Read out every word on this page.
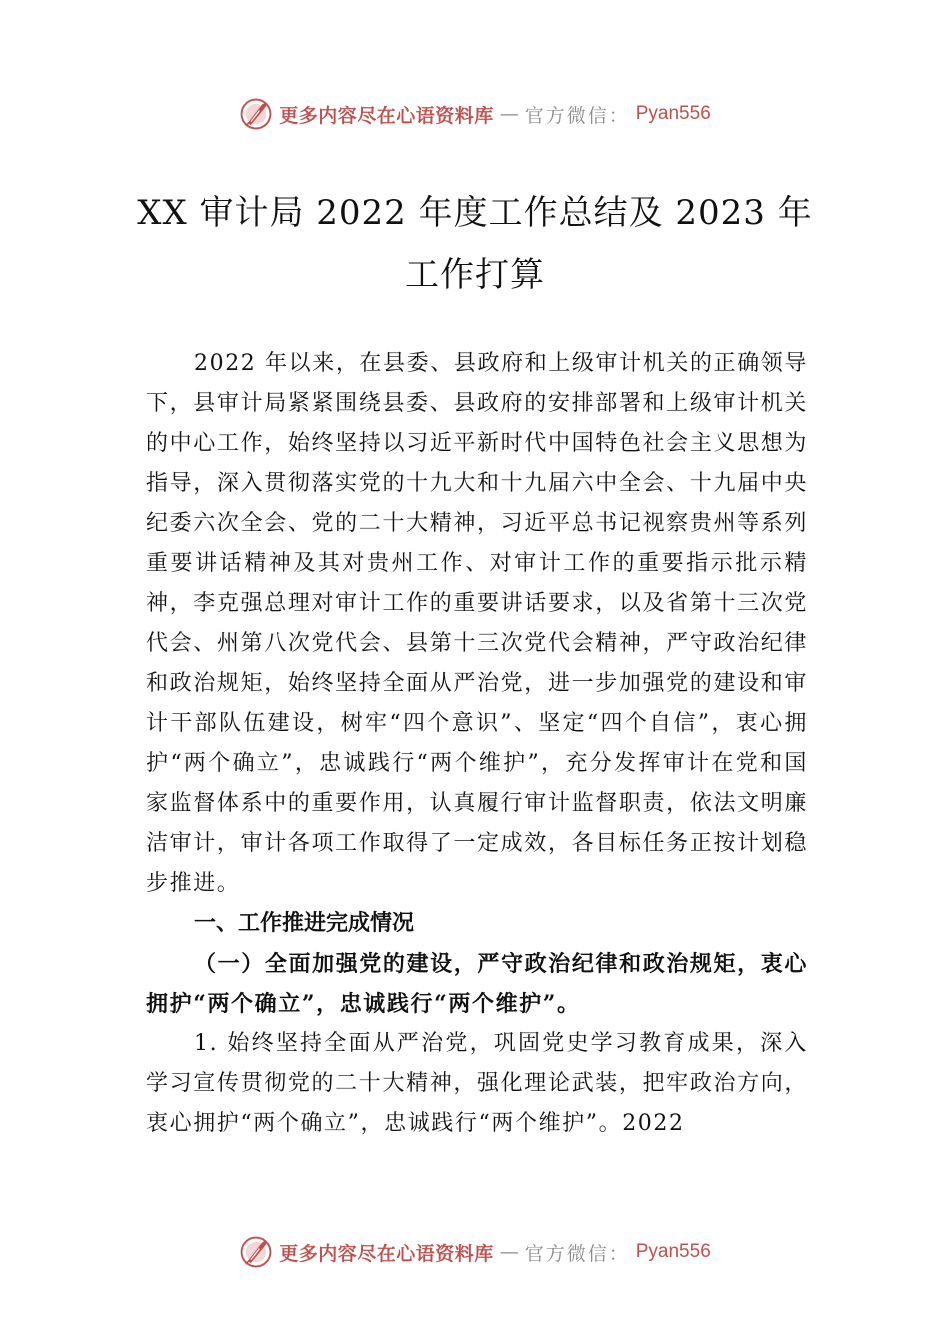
更多内容尽在心语资料库 — 官方微信： Pyan556
XX 审计局 2022 年度工作总结及 2023 年
工作打算

2022 年以来，在县委、县政府和上级审计机关的正确领导下，县审计局紧紧围绕县委、县政府的安排部署和上级审计机关的中心工作，始终坚持以习近平新时代中国特色社会主义思想为指导，深入贯彻落实党的十九大和十九届六中全会、十九届中央纪委六次全会、党的二十大精神，习近平总书记视察贵州等系列重要讲话精神及其对贵州工作、对审计工作的重要指示批示精神，李克强总理对审计工作的重要讲话要求，以及省第十三次党代会、州第八次党代会、县第十三次党代会精神，严守政治纪律和政治规矩，始终坚持全面从严治党，进一步加强党的建设和审计干部队伍建设，树牢“四个意识”、坚定“四个自信”，衷心拥护“两个确立”，忠诚践行“两个维护”，充分发挥审计在党和国家监督体系中的重要作用，认真履行审计监督职责，依法文明廉洁审计，审计各项工作取得了一定成效，各目标任务正按计划稳步推进。

一、工作推进完成情况

（一）全面加强党的建设，严守政治纪律和政治规矩，衷心拥护“两个确立”，忠诚践行“两个维护”。

1. 始终坚持全面从严治党，巩固党史学习教育成果，深入学习宣传贯彻党的二十大精神，强化理论武装，把牢政治方向，衷心拥护“两个确立”，忠诚践行“两个维护”。2022

更多内容尽在心语资料库 — 官方微信： Pyan556
